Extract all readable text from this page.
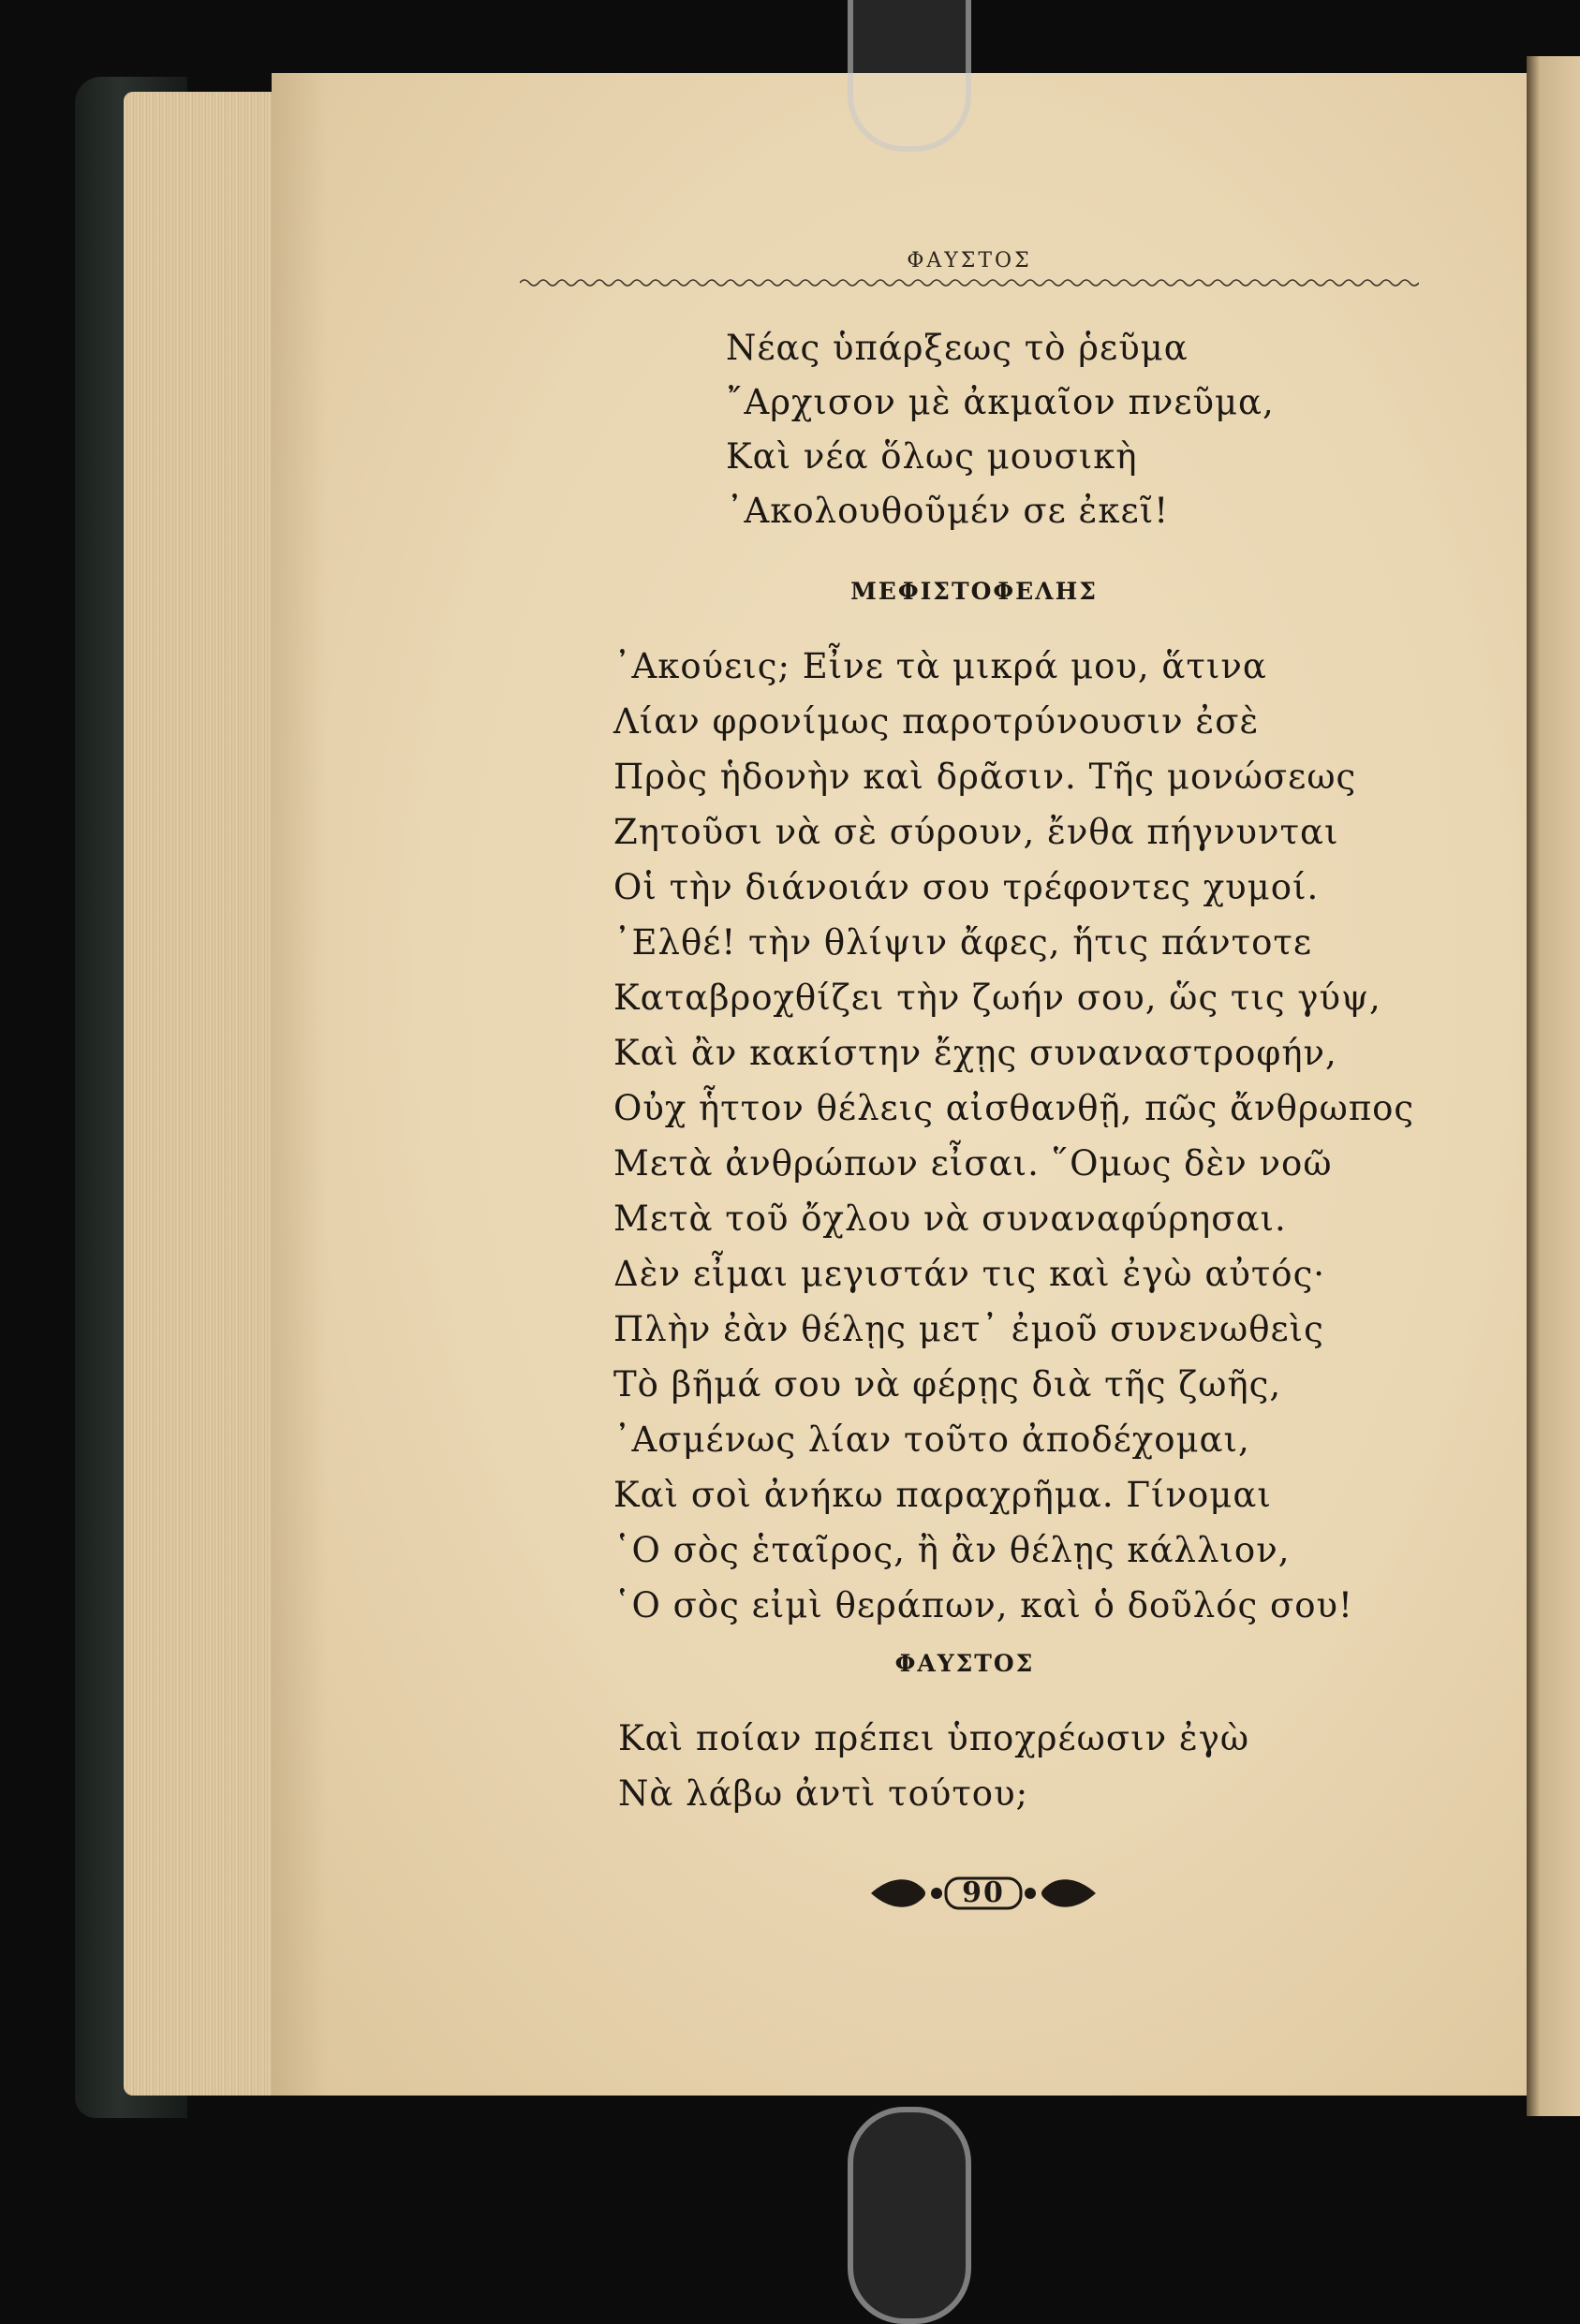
ΦΑΥΣΤΟΣ
Νέας ὑπάρξεως τὸ ῥεῦμα
῎Αρχισον μὲ ἀκμαῖον πνεῦμα,
Καὶ νέα ὅλως μουσικὴ
᾿Ακολουθοῦμέν σε ἐκεῖ!
ΜΕΦΙΣΤΟΦΕΛΗΣ
᾿Ακούεις; Εἶνε τὰ μικρά μου, ἅτινα
Λίαν φρονίμως παροτρύνουσιν ἐσὲ
Πρὸς ἡδονὴν καὶ δρᾶσιν. Τῆς μονώσεως
Ζητοῦσι νὰ σὲ σύρουν, ἔνθα πήγνυνται
Οἱ τὴν διάνοιάν σου τρέφοντες χυμοί.
᾿Ελθέ! τὴν θλίψιν ἄφες, ἥτις πάντοτε
Καταβροχθίζει τὴν ζωήν σου, ὥς τις γύψ,
Καὶ ἂν κακίστην ἔχῃς συναναστροφήν,
Οὐχ ἧττον θέλεις αἰσθανθῇ, πῶς ἄνθρωπος
Μετὰ ἀνθρώπων εἶσαι. ῞Ομως δὲν νοῶ
Μετὰ τοῦ ὄχλου νὰ συναναφύρησαι.
Δὲν εἶμαι μεγιστάν τις καὶ ἐγὼ αὐτός·
Πλὴν ἐὰν θέλῃς μετ᾿ ἐμοῦ συνενωθεὶς
Τὸ βῆμά σου νὰ φέρῃς διὰ τῆς ζωῆς,
᾿Ασμένως λίαν τοῦτο ἀποδέχομαι,
Καὶ σοὶ ἀνήκω παραχρῆμα. Γίνομαι
῾Ο σὸς ἑταῖρος, ἢ ἂν θέλῃς κάλλιον,
῾Ο σὸς εἰμὶ θεράπων, καὶ ὁ δοῦλός σου!
ΦΑΥΣΤΟΣ
Καὶ ποίαν πρέπει ὑποχρέωσιν ἐγὼ
Νὰ λάβω ἀντὶ τούτου;
90
